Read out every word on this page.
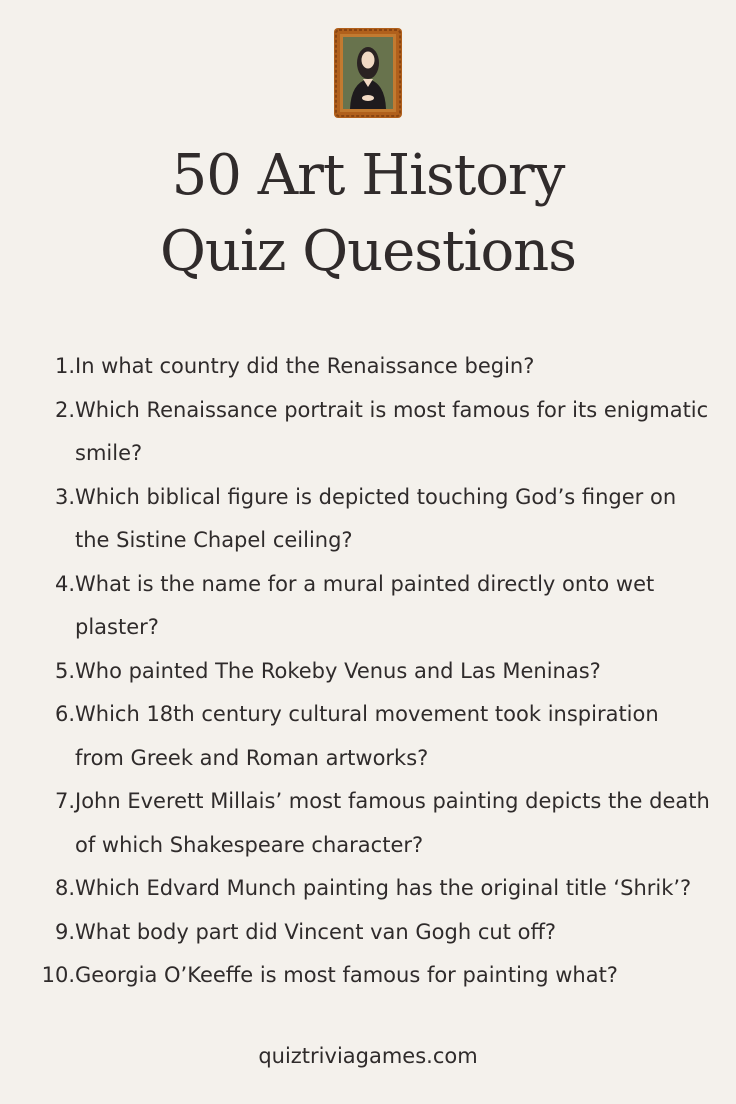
50 Art History
Quiz Questions
1. In what country did the Renaissance begin?
2. Which Renaissance portrait is most famous for its enigmatic smile?
3. Which biblical figure is depicted touching God’s finger on the Sistine Chapel ceiling?
4. What is the name for a mural painted directly onto wet plaster?
5. Who painted The Rokeby Venus and Las Meninas?
6. Which 18th century cultural movement took inspiration from Greek and Roman artworks?
7. John Everett Millais’ most famous painting depicts the death of which Shakespeare character?
8. Which Edvard Munch painting has the original title ‘Shrik’?
9. What body part did Vincent van Gogh cut off?
10. Georgia O’Keeffe is most famous for painting what?
quiztriviagames.com
